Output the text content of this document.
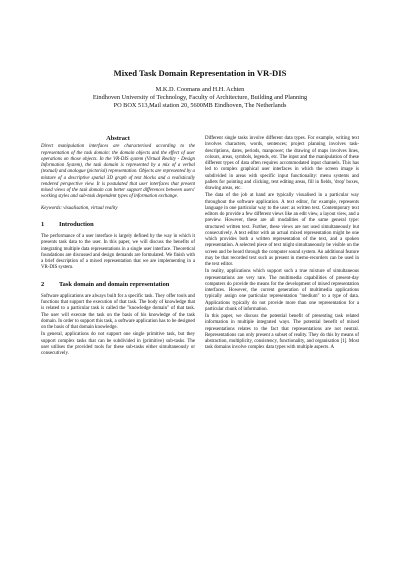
Mixed Task Domain Representation in VR-DIS
M.K.D. Coomans and H.H. Achten
Eindhoven University of Technology, Faculty of Architecture, Building and Planning
PO BOX 513,Mail station 20, 5600MB Eindhoven, The Netherlands
Abstract

Direct manipulation interfaces are characterised according to the representation of the task domain: the domain objects and the effect of user operations on those objects. In the VR-DIS system (Virtual Reality - Design Information System), the task domain is represented by a mix of a verbal (textual) and analogue (pictorial) representation. Objects are represented by a mixture of a descriptive spatial 3D graph of text blocks and a realistically rendered perspective view. It is postulated that user interfaces that present mixed views of the task domain can better support differences between users' working styles and sub-task dependent types of information exchange.

Keywords: visualisation, virtual reality

1 Introduction

The performance of a user interface is largely defined by the way in which it presents task data to the user. In this paper, we will discuss the benefits of integrating multiple data representations in a single user interface. Theoretical foundations are discussed and design demands are formulated. We finish with a brief description of a mixed representation that we are implementing in a VR-DIS system.

2 Task domain and domain representation

Software applications are always built for a specific task. They offer tools and functions that support the execution of that task. The body of knowledge that is related to a particular task is called the "knowledge domain" of that task. The user will execute the task on the basis of his knowledge of the task domain. In order to support this task, a software application has to be designed on the basis of that domain knowledge.

In general, applications do not support one single primitive task, but they support complex tasks that can be subdivided in (primitive) sub-tasks. The user utilises the provided tools for these sub-tasks either simultaneously or consecutively.

Different single tasks involve different data types. For example, writing text involves characters, words, sentences; project planning involves task-descriptions, dates, periods, manpower; the drawing of maps involves lines, colours, areas, symbols, legends, etc. The input and the manipulation of these different types of data often requires accommodated input channels. This has led to complex graphical user interfaces in which the screen image is subdivided in areas with specific input functionality: menu systems and pallets for pointing and clicking, text editing areas, fill in fields, 'drop' boxes, drawing areas, etc.

The data of the job at hand are typically visualised in a particular way throughout the software application. A text editor, for example, represents language in one particular way to the user: as written text. Contemporary text editors do provide a few different views like an edit view, a layout view, and a preview. However, these are all modalities of the same general type: structured written text. Further, these views are not used simultaneously but consecutively. A text editor with an actual mixed representation might be one which provides both a written representation of the text, and a spoken representation. A selected piece of text might simultaneously be visible on the screen and be heard through the computer sound system. An additional feature may be that recorded text such as present in memo-recorders can be used in the text editor.

In reality, applications which support such a true mixture of simultaneous representations are very rare. The multimedia capabilities of present-day computers do provide the means for the development of mixed representation interfaces. However, the current generation of multimedia applications typically assign one particular representation "medium" to a type of data. Applications typically do not provide more than one representation for a particular chunk of information.

In this paper, we discuss the potential benefit of presenting task related information in multiple integrated ways. The potential benefit of mixed representations relates to the fact that representations are not neutral. Representations can only present a subset of reality. They do this by means of abstraction, multiplicity, consistency, functionality, and organisation [1]. Most task domains involve complex data types with multiple aspects. A
